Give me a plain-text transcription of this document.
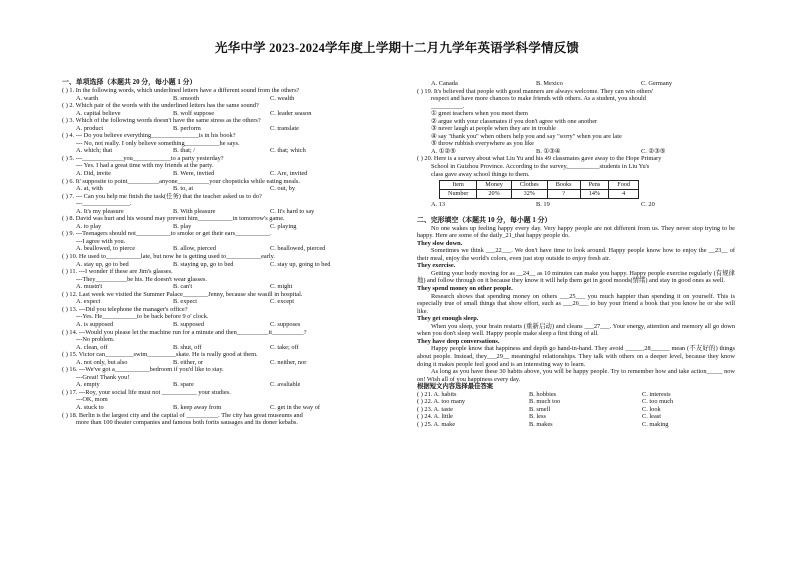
光华中学 2023-2024学年度上学期十二月九学年英语学科学情反馈
一、单项选择（本题共 20 分，每小题 1 分）
( ) 1. In the following words, which underlined letters have a different sound from the others?
A. warth	B. smooth	C. wealth
( ) 2. Which pair of the words with the underlined letters has the same sound?
A. capital believe	B. wolf suppose	C. leader season
( ) 3. Which of the following words doesn't have the same stress as the others?
A. product	B. perform	C. translate
( ) 4. --- Do you believe everything_______________is in his book?
--- No, not really. I only believe something___________he says.
A. which; that	B. that; /	C. that; which
( ) 5. ---_____________you____________to a party yesterday?
--- Yes. I had a great time with my friends at the party.
A. Did, invite	B. Were, invited	C. Are, invited
( ) 6. It' supposite to point__________anyone__________your chopsticks while eating meals.
A. at, with	B. to, at	C. out, by
( ) 7. --- Can you help me finish the task(任务) that the teacher asked us to do?
---_______________.
A. It's my pleasure	B. With pleasure	C. It's hard to say
( ) 8. David was hurt and his wound may prevent him___________in tomorrow's game.
A. to play	B. play	C. playing
( ) 9. ---Teenagers should not___________to smoke or get their ears___________.
---I agree with you.
A. beallowed, to pierce	B. allow, pierced	C. beallowed, pierced
( ) 10. He used to___________late, but now he is getting used to___________early.
A. stay up, go to bed	B. staying up, go to bed	C. stay up, going to bed
( ) 11. ---I wonder if these are Jim's glasses.
---They__________be his. He doesn't wear glasses.
A. mustn't	B. can't	C. might
( ) 12. Last week we visited the Summer Palace________Jenny, because she wasill in hospital.
A. expect	B. expect	C. except
( ) 13. ---Did you telephone the manager's office?
---Yes. He___________to be back before 9 o' clock.
A. is supposed	B. supposed	C. supposes
( ) 14. ---Would you please let the machine run for a minute and then__________it__________?
---No problem.
A. clean, off	B. shut, off	C. take; off
( ) 15. Victor can_________swim_________skate. He is really good at them.
A. not only, but also	B. either, or	C. neither, nor
( ) 16. ---We've got a___________bedroom if you'd like to stay.
---Great! Thank you!
A. empty	B. spare	C. avaliable
( ) 17. ---Roy, your social life must not ___________ your studies.
---OK, mom
A. stuck to	B. keep away from	C. get in the way of
( ) 18. Berlin is the largest city and the capital of __________. The city has great museums and
more than 100 theater companies and famous both forits sausages and its doner kebabs.
A. Canada	B. Mexico	C. Germany
( ) 19. It's believed that people with good manners are always welcome. They can win others'
respect and have more chances to make friends with others. As a student, you should
__________.
① greet teachers when you meet them
② argue with your classmates if you don't agree with one another
③ never laugh at people when they are in trouble
④ say "thank you" when others help you and say "sorry" when you are late
⑤ throw rubbish everywhere as you like
A. ①②⑤	B. ①③④	C. ②③⑤
( ) 20. Here is a survey about what Liu Yu and his 49 classmates gave away to the Hope Primary
School in Guizhou Province. According to the survey,__________students in Liu Yu's
class gave away school things to them.
Item	Money	Clothes	Books	Pens	Food
Number	20%	32%	?	14%	4
A. 13	B. 19	C. 20
二、完形填空（本题共 10 分，每小题 1 分）
No one wakes up feeling happy every day. Very happy people are not different from us. They never stop trying to be happy. Here are some of the daily_21_that happy people do.
They slow down.
Sometimes we think ___22___. We don't have time to look around. Happy people know how to enjoy the __23__ of their meal, enjoy the world's colors, even just stop outside to enjoy fresh air.
They exercise.
Getting your body moving for as __24__ as 10 minutes can make you happy. Happy people exercise regularly (有规律地) and follow through on it because they know it will help them get in good moods(情绪) and stay in good ones as well.
They spend money on other people.
Research shows that spending money on others ___25___ you much happier than spending it on yourself. This is especially true of small things that show effort, such as ___26___ to buy your friend a book that you know he or she will like.
They get enough sleep.
When you sleep, your brain restarts (重新启动) and cleans ___27___. Your energy, attention and memory all go down when you don't sleep well. Happy people make sleep a first thing of all.
They have deep conversations.
Happy people know that happiness and depth go hand-in-hand. They avoid ______28______ mean (不友好的) things about people. Instead, they___29__ meaningful relationships. They talk with others on a deeper level, because they know doing it makes people feel good and is an interesting way to learn.
As long as you have these 30 habits above, you will be happy people. Try to remember how and take action_____ now on! Wish all of you happiness every day.
根据短文内容选择最佳答案
( ) 21. A. habits	B. hobbies	C. interests
( ) 22. A. too many	B. much too	C. too much
( ) 23. A. taste	B. smell	C. look
( ) 24. A. little	B. less	C. least
( ) 25. A. make	B. makes	C. making
